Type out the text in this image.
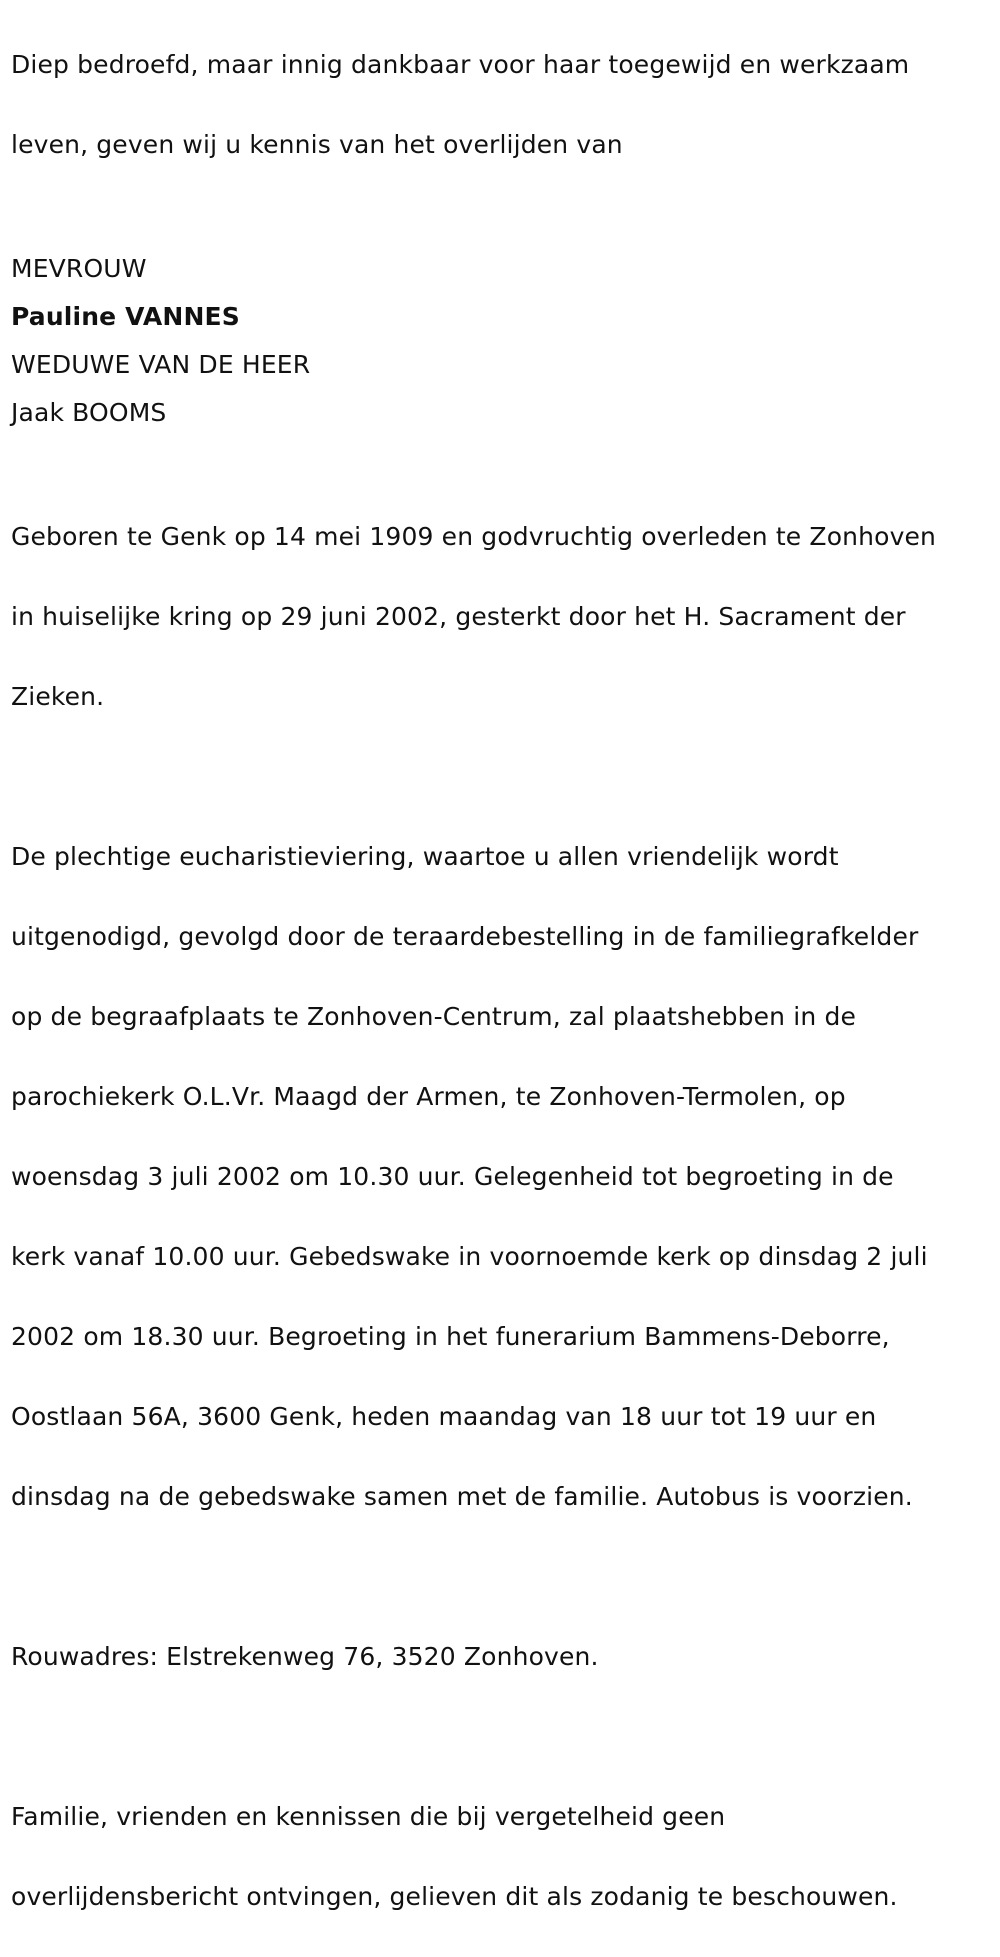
Diep bedroefd, maar innig dankbaar voor haar toegewijd en werkzaam

leven, geven wij u kennis van het overlijden van

MEVROUW
Pauline VANNES
WEDUWE VAN DE HEER
Jaak BOOMS

Geboren te Genk op 14 mei 1909 en godvruchtig overleden te Zonhoven

in huiselijke kring op 29 juni 2002, gesterkt door het H. Sacrament der

Zieken.

De plechtige eucharistieviering, waartoe u allen vriendelijk wordt

uitgenodigd, gevolgd door de teraardebestelling in de familiegrafkelder

op de begraafplaats te Zonhoven-Centrum, zal plaatshebben in de

parochiekerk O.L.Vr. Maagd der Armen, te Zonhoven-Termolen, op

woensdag 3 juli 2002 om 10.30 uur. Gelegenheid tot begroeting in de

kerk vanaf 10.00 uur. Gebedswake in voornoemde kerk op dinsdag 2 juli

2002 om 18.30 uur. Begroeting in het funerarium Bammens-Deborre,

Oostlaan 56A, 3600 Genk, heden maandag van 18 uur tot 19 uur en

dinsdag na de gebedswake samen met de familie. Autobus is voorzien.

Rouwadres: Elstrekenweg 76, 3520 Zonhoven.

Familie, vrienden en kennissen die bij vergetelheid geen

overlijdensbericht ontvingen, gelieven dit als zodanig te beschouwen.
